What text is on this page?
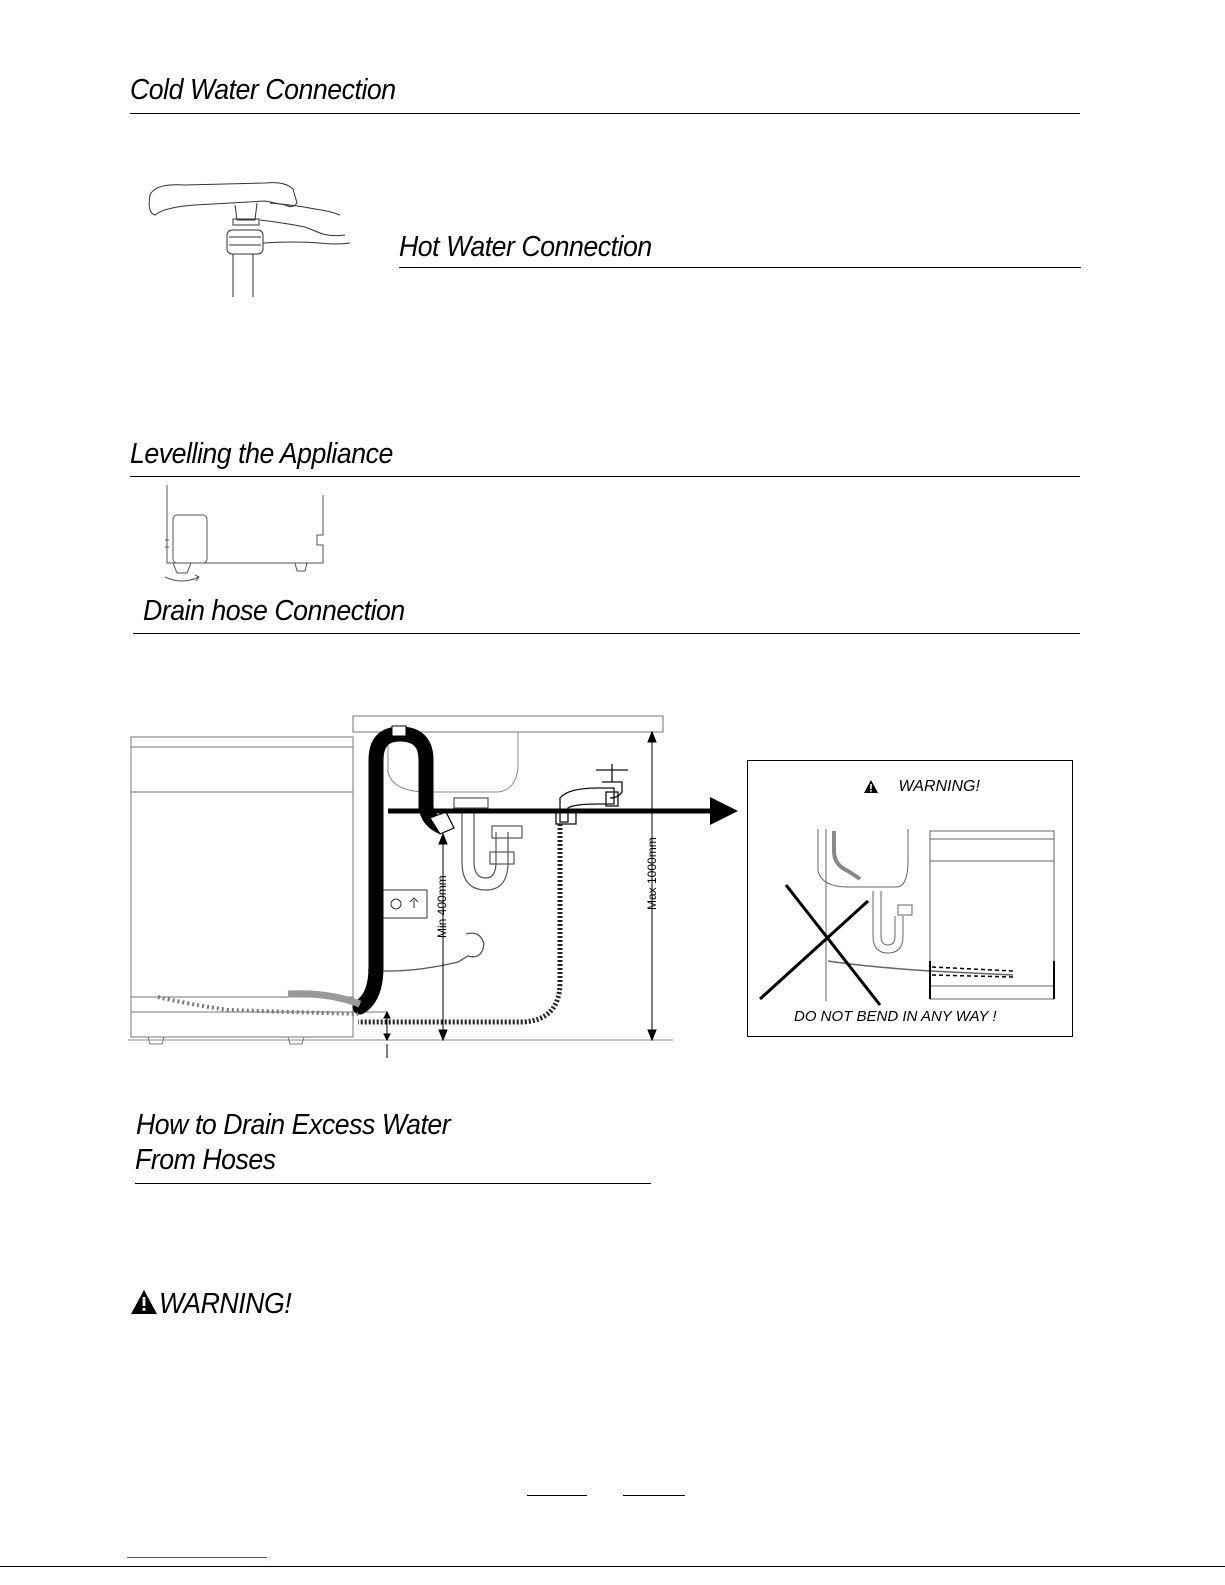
Cold Water Connection
Hot Water Connection
Levelling the Appliance
Drain hose Connection
Min 400mm	Max 1000mm
WARNING!
DO NOT BEND IN ANY WAY !
How to Drain Excess Water
From Hoses
WARNING!
